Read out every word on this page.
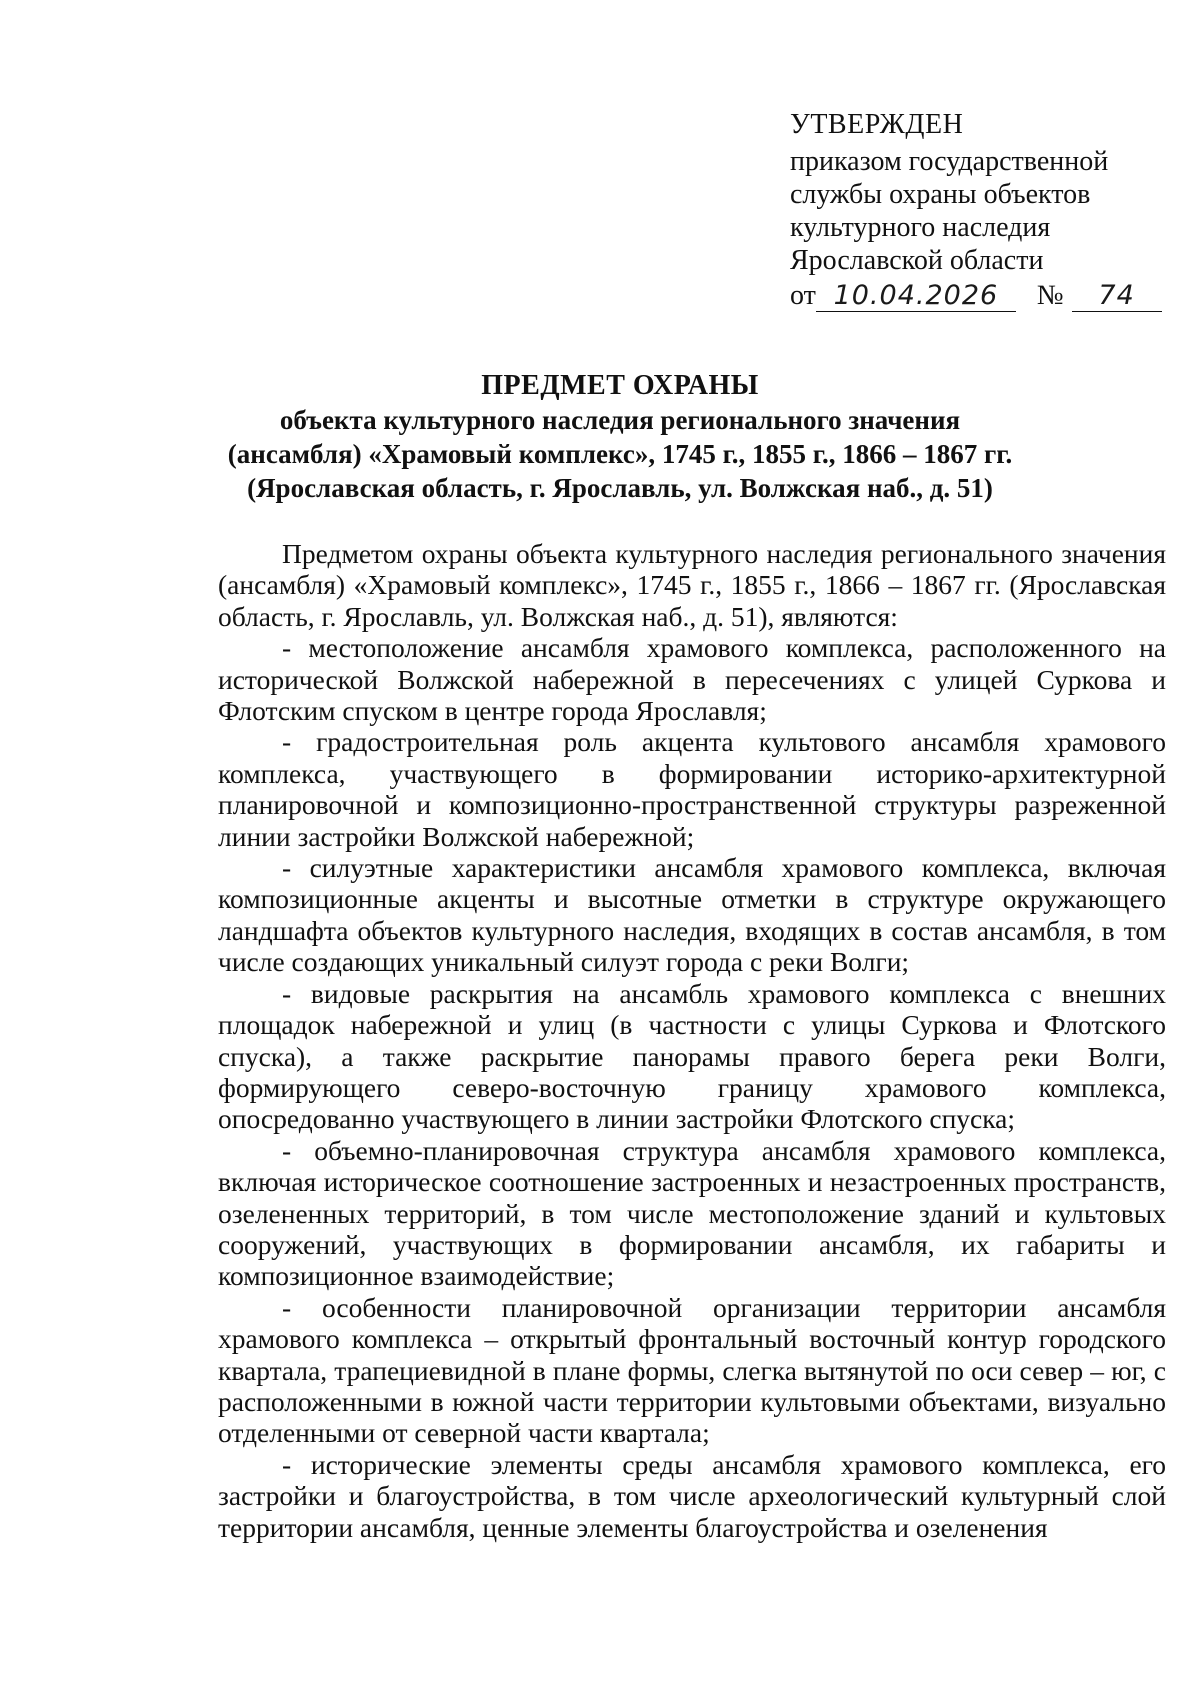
УТВЕРЖДЕН
приказом государственной
службы охраны объектов
культурного наследия
Ярославской области
от 10.04.2026 № 74
ПРЕДМЕТ ОХРАНЫ
объекта культурного наследия регионального значения
(ансамбля) «Храмовый комплекс», 1745 г., 1855 г., 1866 – 1867 гг.
(Ярославская область, г. Ярославль, ул. Волжская наб., д. 51)

Предметом охраны объекта культурного наследия регионального значения (ансамбля) «Храмовый комплекс», 1745 г., 1855 г., 1866 – 1867 гг. (Ярославская область, г. Ярославль, ул. Волжская наб., д. 51), являются:

- местоположение ансамбля храмового комплекса, расположенного на исторической Волжской набережной в пересечениях с улицей Суркова и Флотским спуском в центре города Ярославля;

- градостроительная роль акцента культового ансамбля храмового комплекса, участвующего в формировании историко-архитектурной планировочной и композиционно-пространственной структуры разреженной линии застройки Волжской набережной;

- силуэтные характеристики ансамбля храмового комплекса, включая композиционные акценты и высотные отметки в структуре окружающего ландшафта объектов культурного наследия, входящих в состав ансамбля, в том числе создающих уникальный силуэт города с реки Волги;

- видовые раскрытия на ансамбль храмового комплекса с внешних площадок набережной и улиц (в частности с улицы Суркова и Флотского спуска), а также раскрытие панорамы правого берега реки Волги, формирующего северо-восточную границу храмового комплекса, опосредованно участвующего в линии застройки Флотского спуска;

- объемно-планировочная структура ансамбля храмового комплекса, включая историческое соотношение застроенных и незастроенных пространств, озелененных территорий, в том числе местоположение зданий и культовых сооружений, участвующих в формировании ансамбля, их габариты и композиционное взаимодействие;

- особенности планировочной организации территории ансамбля храмового комплекса – открытый фронтальный восточный контур городского квартала, трапециевидной в плане формы, слегка вытянутой по оси север – юг, с расположенными в южной части территории культовыми объектами, визуально отделенными от северной части квартала;

- исторические элементы среды ансамбля храмового комплекса, его застройки и благоустройства, в том числе археологический культурный слой территории ансамбля, ценные элементы благоустройства и озеленения
